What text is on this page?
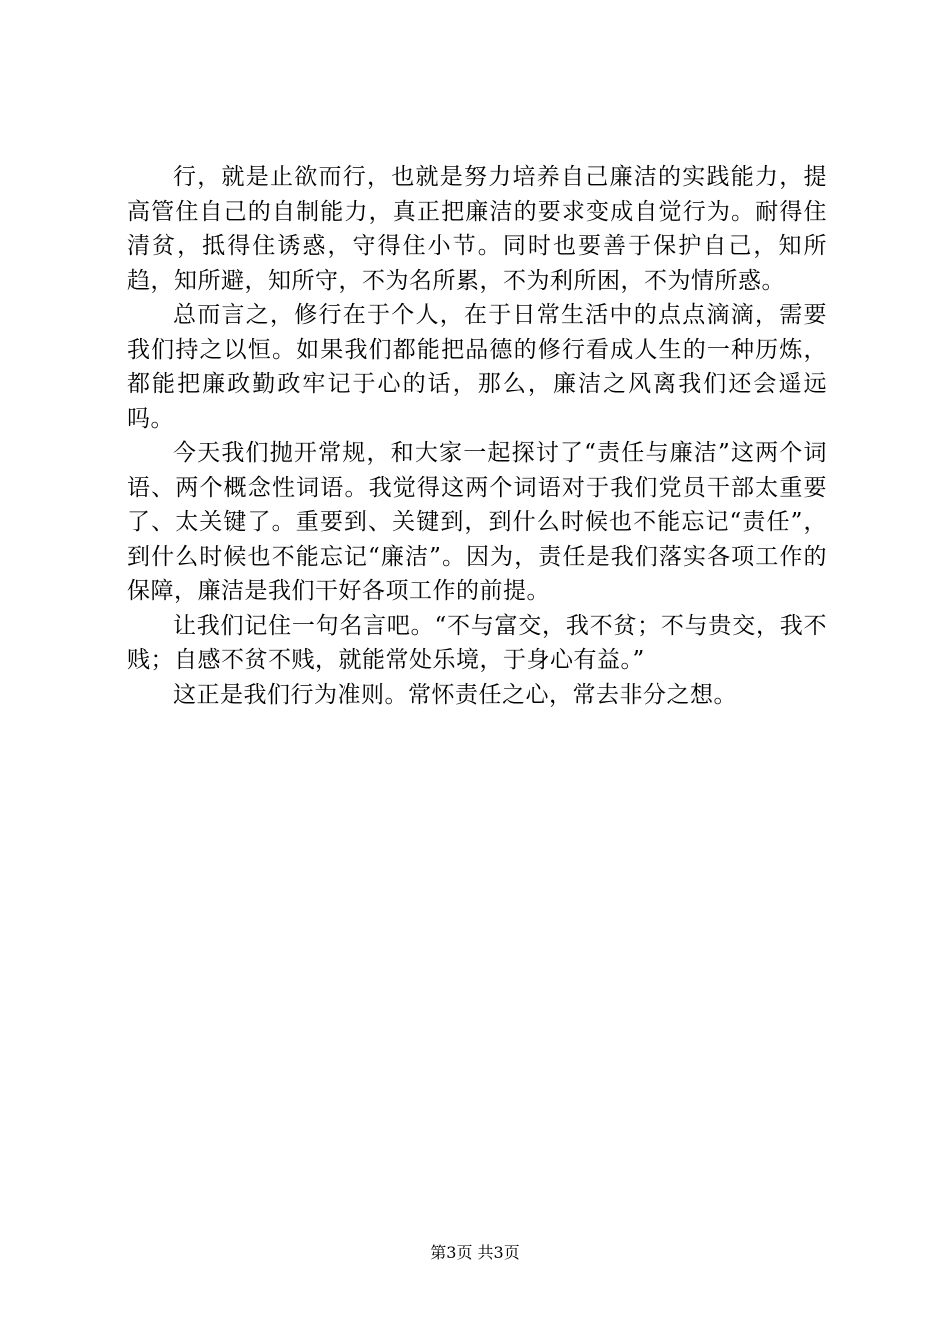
行，就是止欲而行，也就是努力培养自己廉洁的实践能力，提高管住自己的自制能力，真正把廉洁的要求变成自觉行为。耐得住清贫，抵得住诱惑，守得住小节。同时也要善于保护自己，知所趋，知所避，知所守，不为名所累，不为利所困，不为情所惑。

总而言之，修行在于个人，在于日常生活中的点点滴滴，需要我们持之以恒。如果我们都能把品德的修行看成人生的一种历炼，都能把廉政勤政牢记于心的话，那么，廉洁之风离我们还会遥远吗。

今天我们抛开常规，和大家一起探讨了“责任与廉洁”这两个词语、两个概念性词语。我觉得这两个词语对于我们党员干部太重要了、太关键了。重要到、关键到，到什么时候也不能忘记“责任”，到什么时候也不能忘记“廉洁”。因为，责任是我们落实各项工作的保障，廉洁是我们干好各项工作的前提。

让我们记住一句名言吧。“不与富交，我不贫；不与贵交，我不贱；自感不贫不贱，就能常处乐境，于身心有益。”

这正是我们行为准则。常怀责任之心，常去非分之想。

第3页 共3页
